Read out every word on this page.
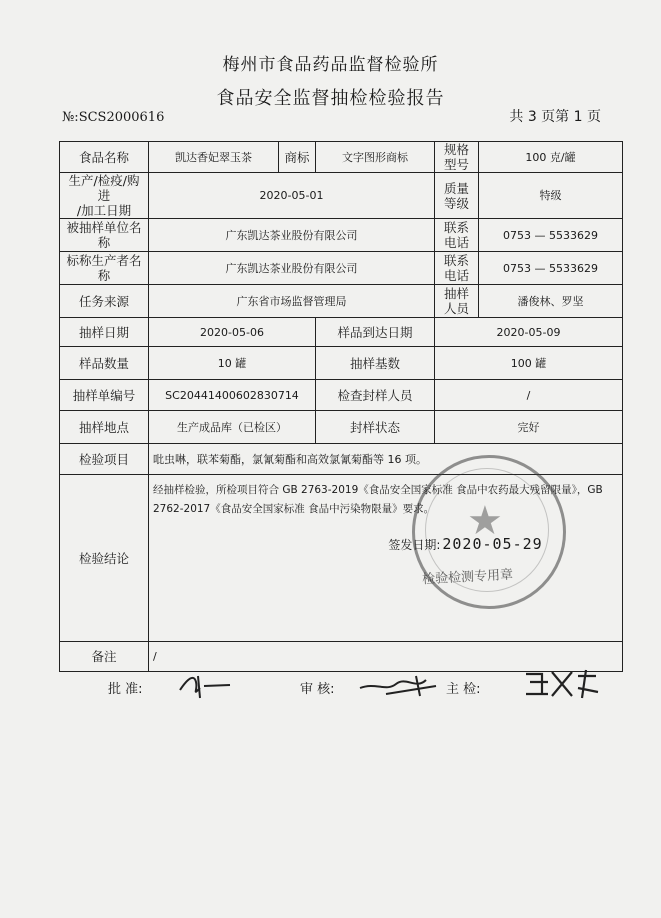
梅州市食品药品监督检验所
食品安全监督抽检检验报告
№:SCS2000616	共 3 页第 1 页
食品名称	凯达香妃翠玉茶	商标	文字图形商标	规格型号	100 克/罐

生产/检疫/购进
/加工日期	2020-05-01			质量等级	特级
被抽样单位名称	广东凯达茶业股份有限公司			联系电话	0753 — 5533629
标称生产者名称	广东凯达茶业股份有限公司			联系电话	0753 — 5533629
任务来源	广东省市场监督管理局			抽样人员	潘俊林、罗坚
抽样日期	2020-05-06		样品到达日期	2020-05-09	
样品数量	10 罐		抽样基数	100 罐	
抽样单编号	SC20441400602830714		检查封样人员	/	
抽样地点	生产成品库（已检区）		封样状态	完好	
检验项目	吡虫啉，联苯菊酯，氯氰菊酯和高效氯氰菊酯等 16 项。				
检验结论	经抽样检验，所检项目符合 GB 2763-2019《食品安全国家标准 食品中农药最大残留限量》，GB 2762-2017《食品安全国家标准 食品中污染物限量》要求。
签发日期: 2020-05-29				

备注	/				
★
检验检测专用章
批 准:	审 核:	主 检:
